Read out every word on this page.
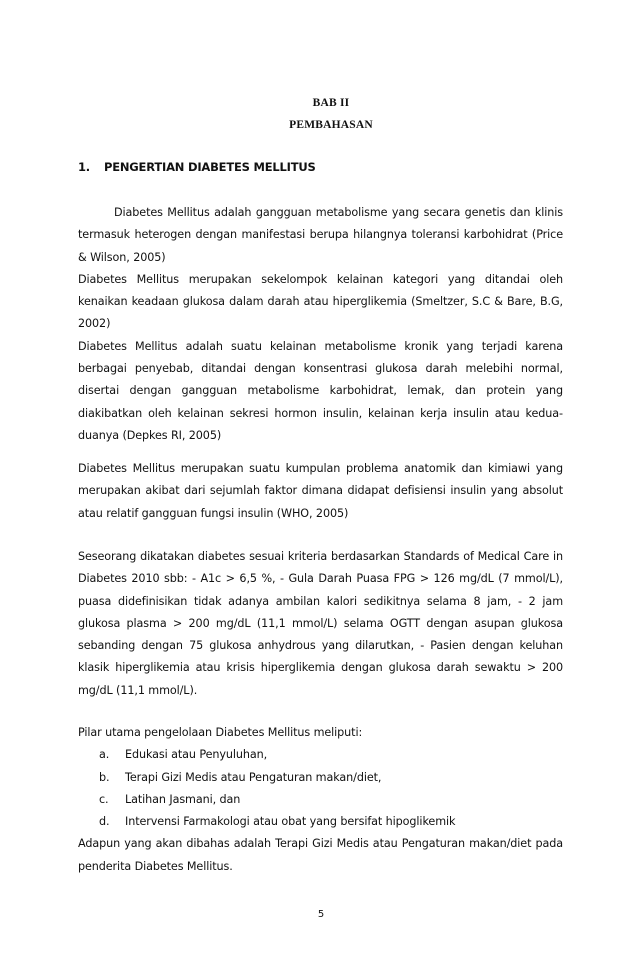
BAB II
PEMBAHASAN
1. PENGERTIAN DIABETES MELLITUS

Diabetes Mellitus adalah gangguan metabolisme yang secara genetis dan klinis termasuk heterogen dengan manifestasi berupa hilangnya toleransi karbohidrat (Price & Wilson, 2005)

Diabetes Mellitus merupakan sekelompok kelainan kategori yang ditandai oleh kenaikan keadaan glukosa dalam darah atau hiperglikemia (Smeltzer, S.C & Bare, B.G, 2002)

Diabetes Mellitus adalah suatu kelainan metabolisme kronik yang terjadi karena berbagai penyebab, ditandai dengan konsentrasi glukosa darah melebihi normal, disertai dengan gangguan metabolisme karbohidrat, lemak, dan protein yang diakibatkan oleh kelainan sekresi hormon insulin, kelainan kerja insulin atau kedua-duanya (Depkes RI, 2005)

Diabetes Mellitus merupakan suatu kumpulan problema anatomik dan kimiawi yang merupakan akibat dari sejumlah faktor dimana didapat defisiensi insulin yang absolut atau relatif gangguan fungsi insulin (WHO, 2005)

Seseorang dikatakan diabetes sesuai kriteria berdasarkan Standards of Medical Care in Diabetes 2010 sbb: - A1c > 6,5 %, - Gula Darah Puasa FPG > 126 mg/dL (7 mmol/L), puasa didefinisikan tidak adanya ambilan kalori sedikitnya selama 8 jam, - 2 jam glukosa plasma > 200 mg/dL (11,1 mmol/L) selama OGTT dengan asupan glukosa sebanding dengan 75 glukosa anhydrous yang dilarutkan, - Pasien dengan keluhan klasik hiperglikemia atau krisis hiperglikemia dengan glukosa darah sewaktu > 200 mg/dL (11,1 mmol/L).

Pilar utama pengelolaan Diabetes Mellitus meliputi:

a. Edukasi atau Penyuluhan,
b. Terapi Gizi Medis atau Pengaturan makan/diet,
c. Latihan Jasmani, dan
d. Intervensi Farmakologi atau obat yang bersifat hipoglikemik

Adapun yang akan dibahas adalah Terapi Gizi Medis atau Pengaturan makan/diet pada penderita Diabetes Mellitus.

5
